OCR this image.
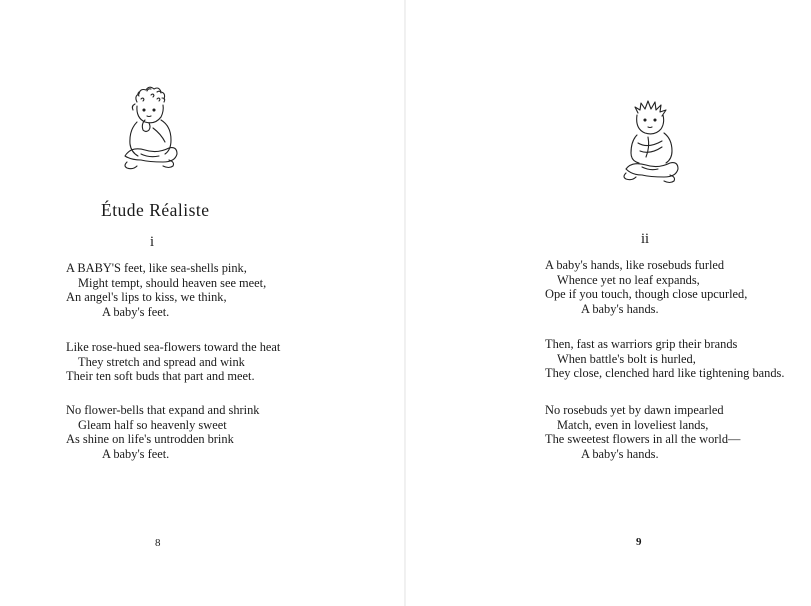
Étude Réaliste
i
A BABY'S feet, like sea-shells pink,
Might tempt, should heaven see meet,
An angel's lips to kiss, we think,
A baby's feet.
Like rose-hued sea-flowers toward the heat
They stretch and spread and wink
Their ten soft buds that part and meet.
No flower-bells that expand and shrink
Gleam half so heavenly sweet
As shine on life's untrodden brink
A baby's feet.
8
ii
A baby's hands, like rosebuds furled
Whence yet no leaf expands,
Ope if you touch, though close upcurled,
A baby's hands.
Then, fast as warriors grip their brands
When battle's bolt is hurled,
They close, clenched hard like tightening bands.
No rosebuds yet by dawn impearled
Match, even in loveliest lands,
The sweetest flowers in all the world—
A baby's hands.
9
